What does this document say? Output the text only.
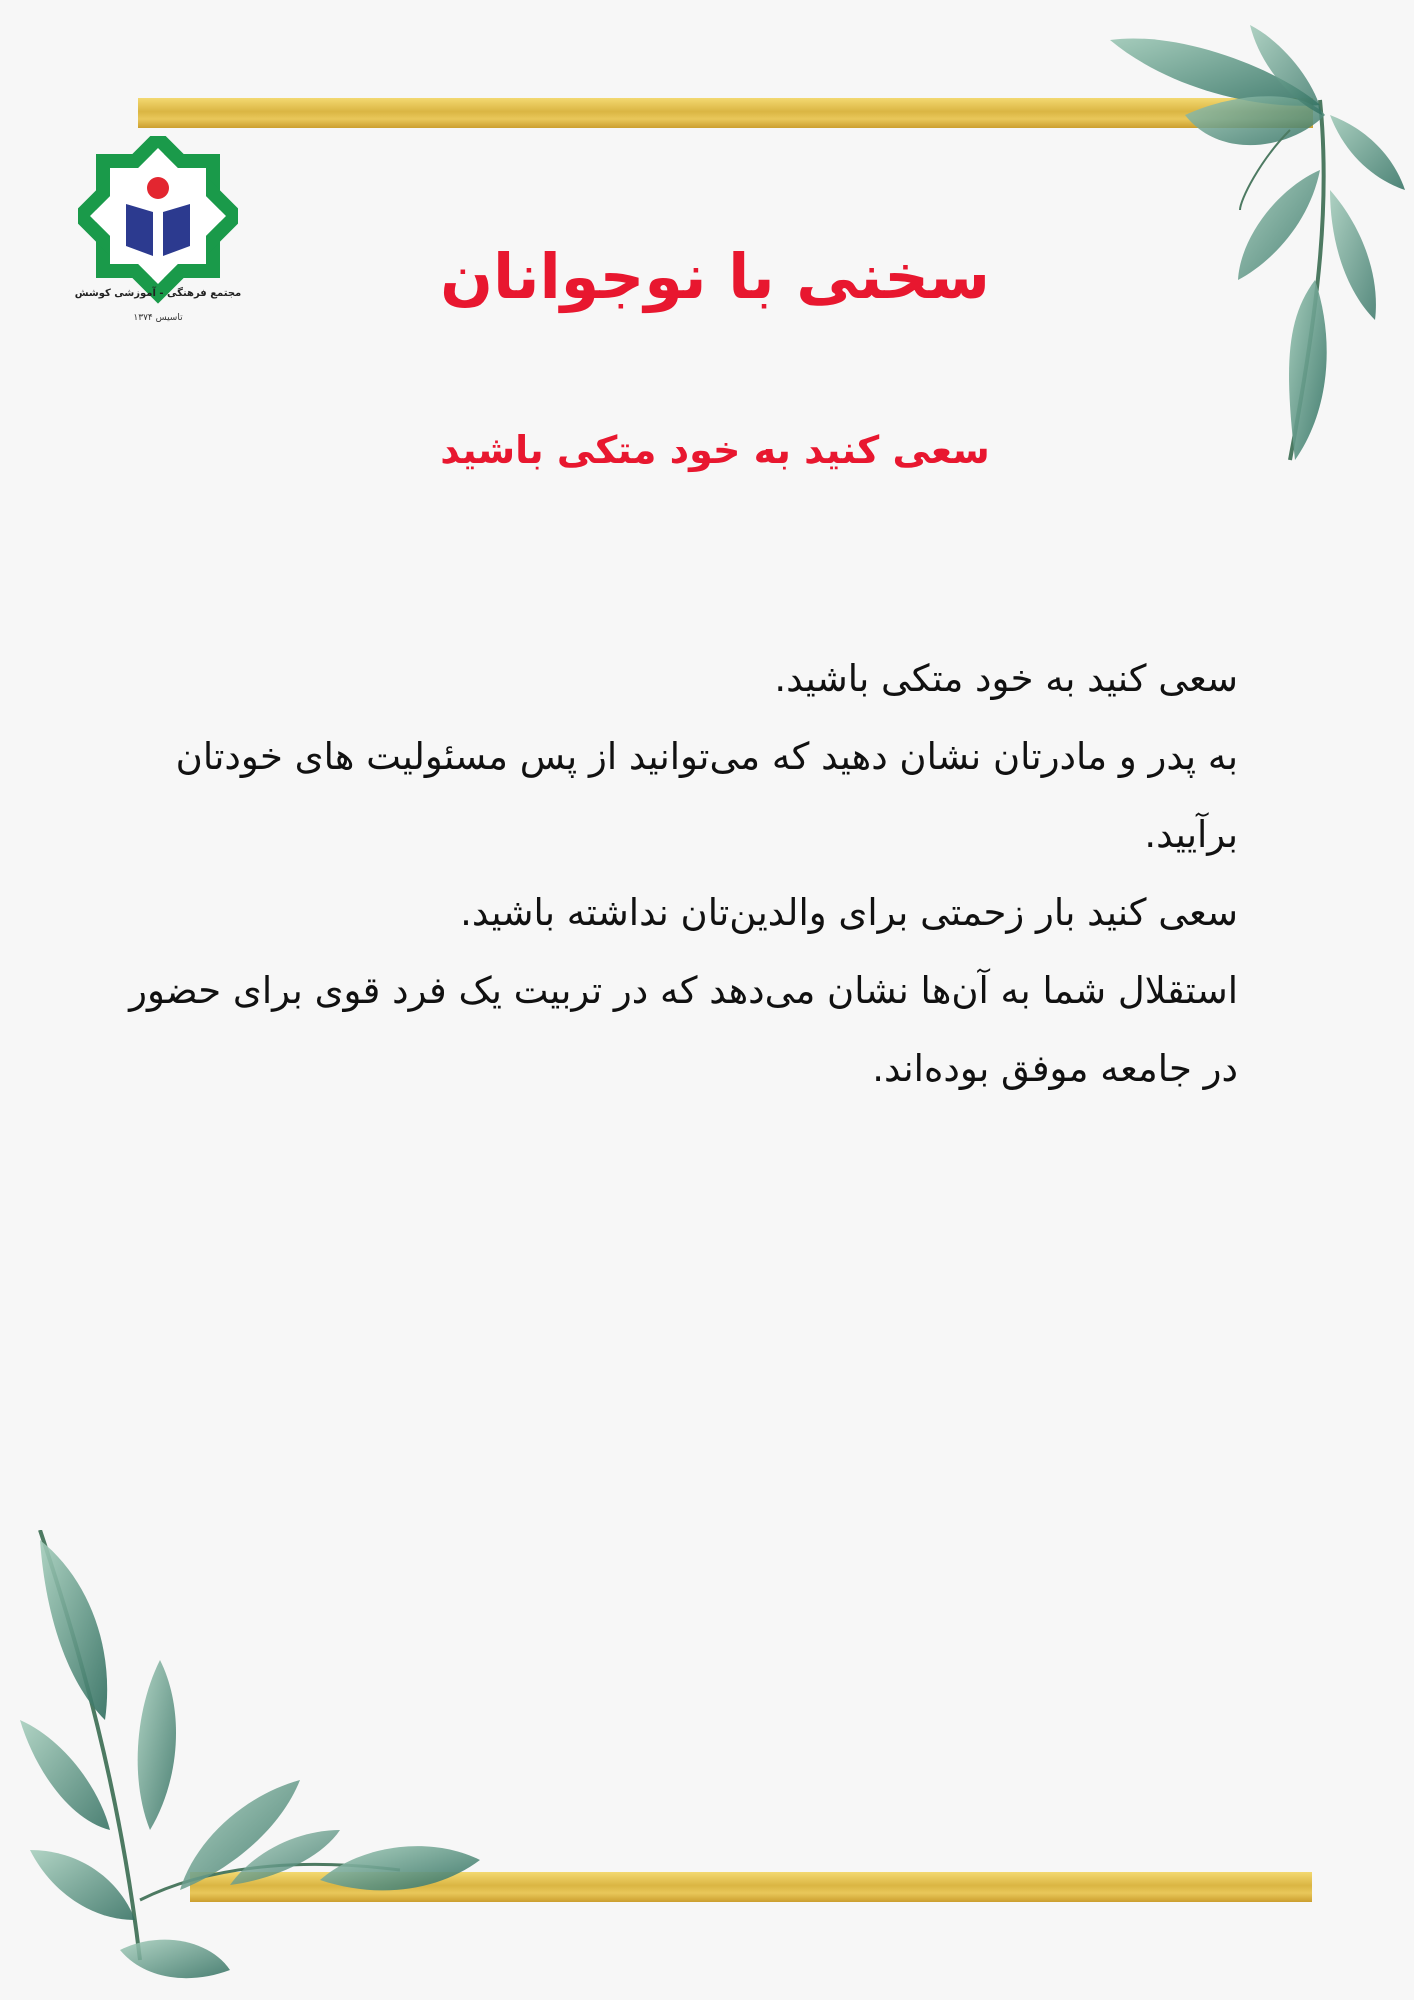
مجتمع فرهنگی - آموزشی کوشش
تاسیس ۱۳۷۴
سخنی با نوجوانان
سعی کنید به خود متکی باشید

سعی کنید به خود متکی باشید.

به پدر و مادرتان نشان دهید که می‌توانید از پس مسئولیت های خودتان برآیید.

سعی کنید بار زحمتی برای والدین‌تان نداشته باشید.

استقلال شما به آن‌ها نشان می‌دهد که در تربیت یک فرد قوی برای حضور در جامعه موفق بوده‌اند.
